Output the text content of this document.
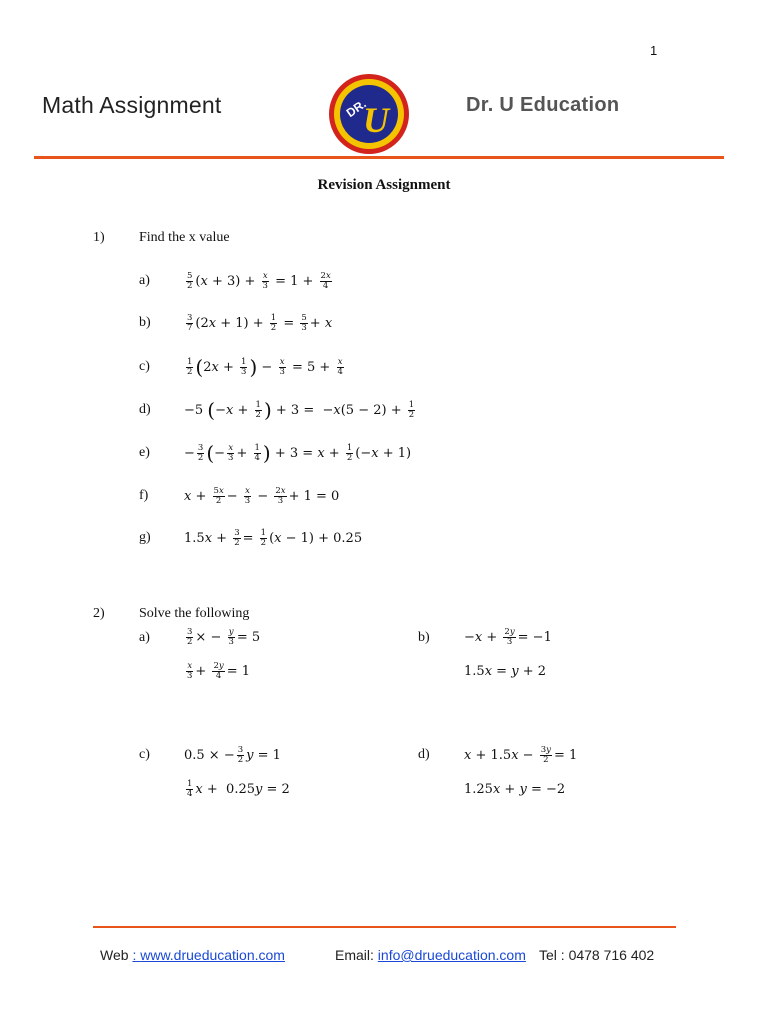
1
Math Assignment	DR.
U	Dr. U Education
Revision Assignment
1) Find the x value
a)	$\frac{5}{2}$ ( $x + 3) + \frac{x}{3} = 1 + \frac{2x}{4}$
b)	$\frac{3}{7} (2$ $x + 1) + \frac{1}{2} = \frac{5}{3} + x$
c)	$\frac{1}{2}$ ( 2 $x + \frac{1}{3}$ ) − $\frac{x}{3} = 5 + \frac{x}{4}$
d)	−5 ( − $x + \frac{1}{2}$ ) + 3 =  − x $(5 - 2) + \frac{1}{2}$
e)	− $\frac{3}{2}$ ( − $\frac{x}{3} + \frac{1}{4}$ ) + $3 = x + \frac{1}{2}$ (− x + 1)
f)	$x + \frac{5x}{2} - \frac{x}{3} - \frac{2x}{3} + 1 = 0$
g)	1.5 $x + \frac{3}{2} = \frac{1}{2}$ ( x − 1) + 0.25
2) Solve the following
a)	$\frac{3}{2}$ × − $\frac{y}{3} = 5$
$\frac{x}{3} + \frac{2y}{4} = 1$
b)	− $x + \frac{2y}{3} = -1$
1.5 x = y + 2
c)	0.5 × − $\frac{3}{2}$ y = 1
$\frac{1}{4}$ x +  0.25 y = 2
d)	x + 1.5 $x - \frac{3y}{2} = 1$
1.25 x + y = −2
Web : www.drueducation.com	Email: info@drueducation.com Tel : 0478 716 402
